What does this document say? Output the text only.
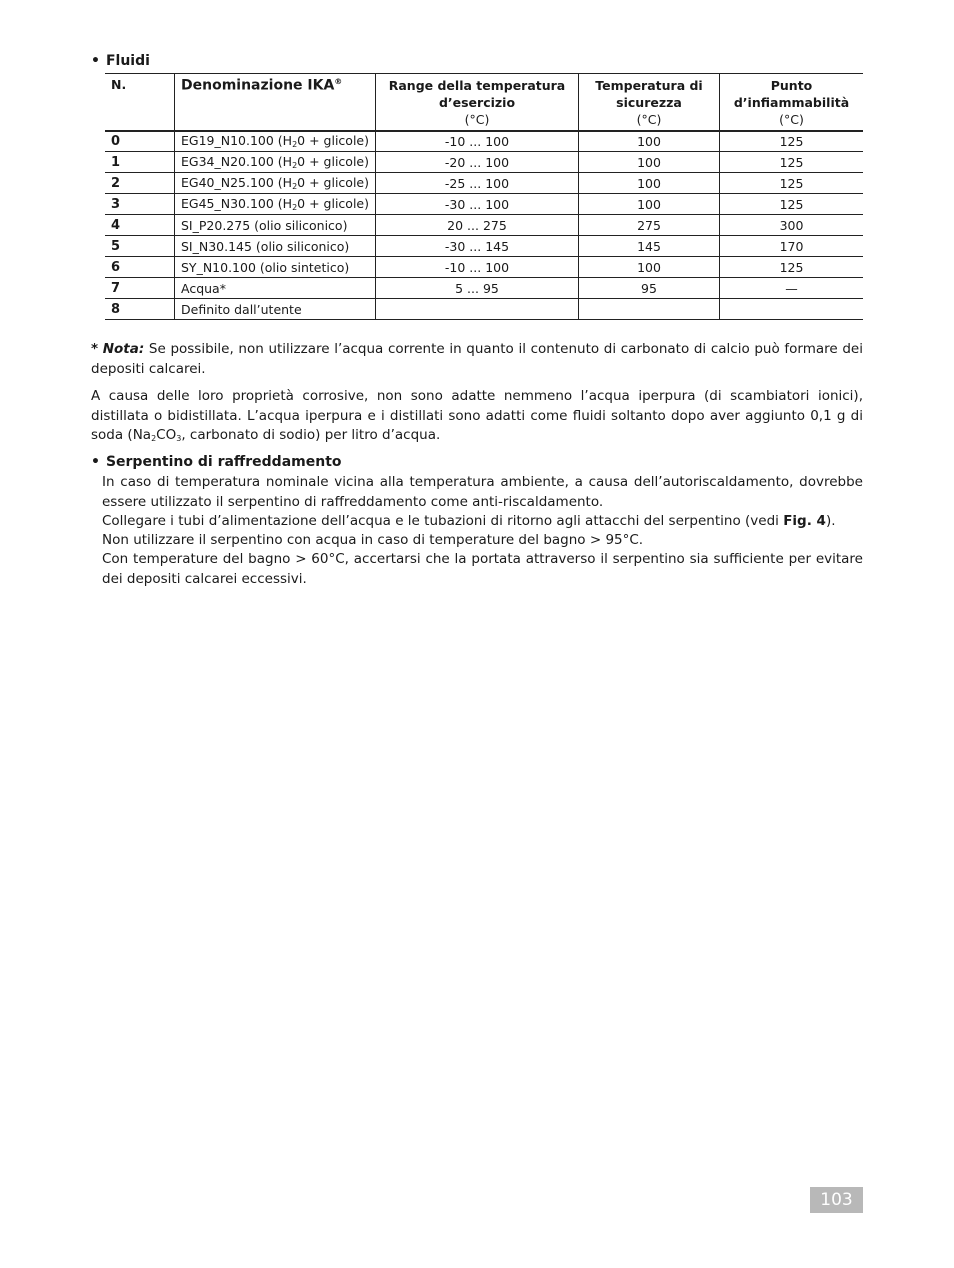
• Fluidi
N.	Denominazione IKA®	Range della temperatura
d’esercizio
(°C)	Temperatura di
sicurezza
(°C)	Punto
d’infiammabilità
(°C)
0	EG19_N10.100 ($H_20$ + glicole)	-10 ... 100	100	125
1	EG34_N20.100 ($H_20$ + glicole)	-20 ... 100	100	125
2	EG40_N25.100 ($H_20$ + glicole)	-25 ... 100	100	125
3	EG45_N30.100 ($H_20$ + glicole)	-30 ... 100	100	125
4	SI_P20.275 (olio siliconico)	20 ... 275	275	300
5	SI_N30.145 (olio siliconico)	-30 ... 145	145	170
6	SY_N10.100 (olio sintetico)	-10 ... 100	100	125
7	Acqua*	5 ... 95	95	—
8	Definito dall’utente			
* Nota: Se possibile, non utilizzare l’acqua corrente in quanto il contenuto di carbonato di calcio può formare dei depositi calcarei.
A causa delle loro proprietà corrosive, non sono adatte nemmeno l’acqua iperpura (di scambiatori ionici), distillata o bidistillata. L’acqua iperpura e i distillati sono adatti come fluidi soltanto dopo aver aggiunto 0,1 g di soda ($Na_2CO_3$, carbonato di sodio) per litro d’acqua.
• Serpentino di raffreddamento
In caso di temperatura nominale vicina alla temperatura ambiente, a causa dell’autoriscaldamento, dovrebbe essere utilizzato il serpentino di raffreddamento come anti-riscaldamento.
Collegare i tubi d’alimentazione dell’acqua e le tubazioni di ritorno agli attacchi del serpentino (vedi Fig. 4).
Non utilizzare il serpentino con acqua in caso di temperature del bagno > 95°C.
Con temperature del bagno > 60°C, accertarsi che la portata attraverso il serpentino sia sufficiente per evitare dei depositi calcarei eccessivi.
103
